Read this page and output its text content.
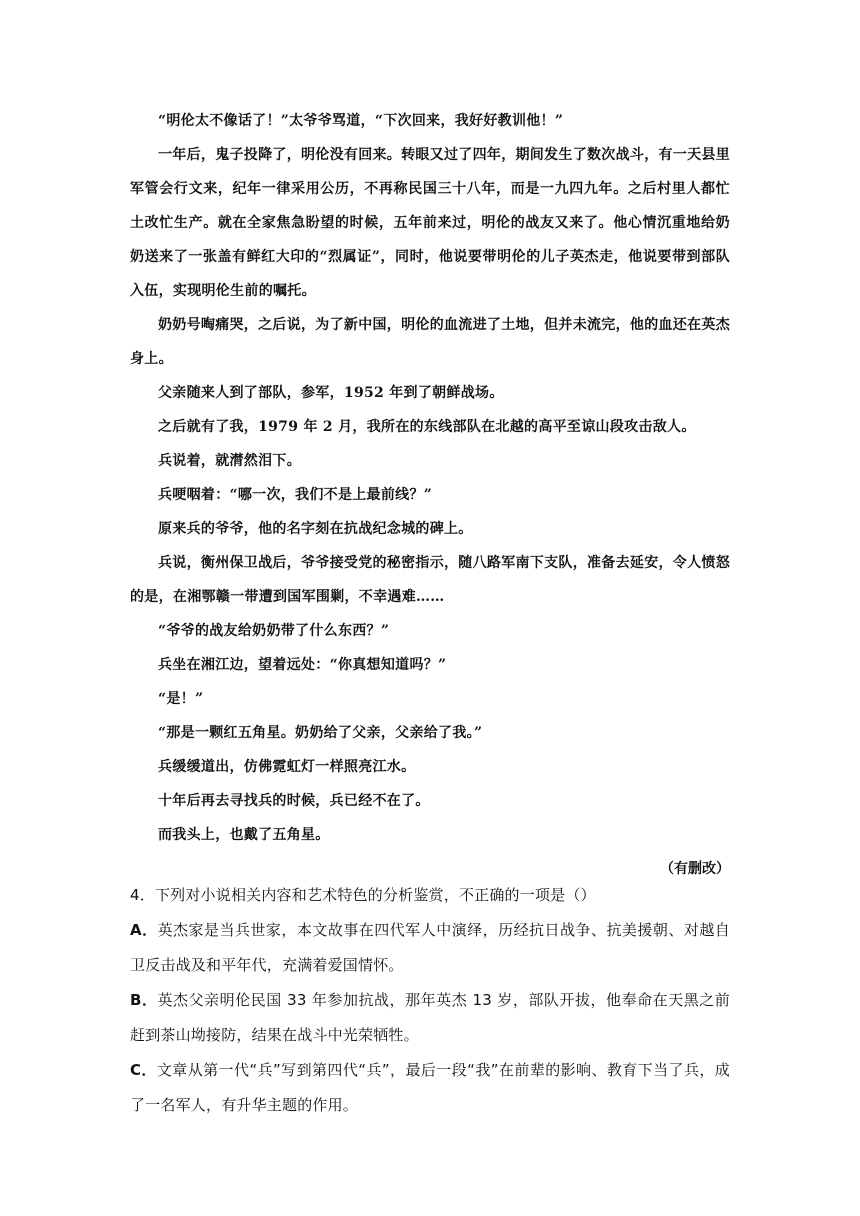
“明伦太不像话了！”太爷爷骂道，“下次回来，我好好教训他！”

一年后，鬼子投降了，明伦没有回来。转眼又过了四年，期间发生了数次战斗，有一天县里军管会行文来，纪年一律采用公历，不再称民国三十八年，而是一九四九年。之后村里人都忙土改忙生产。就在全家焦急盼望的时候，五年前来过，明伦的战友又来了。他心情沉重地给奶奶送来了一张盖有鲜红大印的“烈属证”，同时，他说要带明伦的儿子英杰走，他说要带到部队入伍，实现明伦生前的嘱托。

奶奶号啕痛哭，之后说，为了新中国，明伦的血流进了土地，但并未流完，他的血还在英杰身上。

父亲随来人到了部队，参军，1952 年到了朝鲜战场。

之后就有了我，1979 年 2 月，我所在的东线部队在北越的高平至谅山段攻击敌人。

兵说着，就潸然泪下。

兵哽咽着：“哪一次，我们不是上最前线？”

原来兵的爷爷，他的名字刻在抗战纪念城的碑上。

兵说，衡州保卫战后，爷爷接受党的秘密指示，随八路军南下支队，准备去延安，令人愤怒的是，在湘鄂赣一带遭到国军围剿，不幸遇难……

“爷爷的战友给奶奶带了什么东西？”

兵坐在湘江边，望着远处：“你真想知道吗？”

“是！”

“那是一颗红五角星。奶奶给了父亲，父亲给了我。”

兵缓缓道出，仿佛霓虹灯一样照亮江水。

十年后再去寻找兵的时候，兵已经不在了。

而我头上，也戴了五角星。

（有删改）

4．下列对小说相关内容和艺术特色的分析鉴赏，不正确的一项是（）

A．英杰家是当兵世家，本文故事在四代军人中演绎，历经抗日战争、抗美援朝、对越自卫反击战及和平年代，充满着爱国情怀。

B．英杰父亲明伦民国 33 年参加抗战，那年英杰 13 岁，部队开拔，他奉命在天黑之前赶到茶山坳接防，结果在战斗中光荣牺牲。

C．文章从第一代“兵”写到第四代“兵”，最后一段“我”在前辈的影响、教育下当了兵，成了一名军人，有升华主题的作用。
